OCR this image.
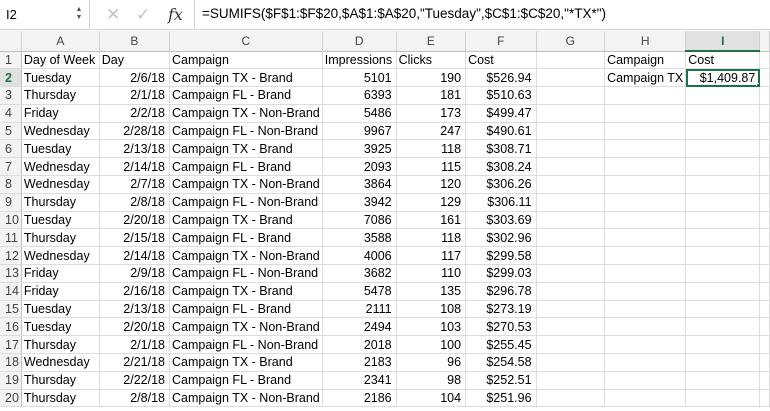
I2	▲
▼ ✕ ✓ fx =SUMIFS($F$1:$F$20,$A$1:$A$20,"Tuesday",$C$1:$C$20,"*TX*")
	A	B	C	D	E	F	G	H	I	
1	Day of Week	Day	Campaign	Impressions	Clicks	Cost		Campaign	Cost	
2	Tuesday	2/6/18	Campaign TX - Brand	5101	190	$526.94		Campaign TX	$1,409.87

3	Thursday	2/1/18	Campaign FL - Brand	6393	181	$510.63				
4	Friday	2/2/18	Campaign TX - Non-Brand	5486	173	$499.47				
5	Wednesday	2/28/18	Campaign FL - Non-Brand	9967	247	$490.61				
6	Tuesday	2/13/18	Campaign TX - Brand	3925	118	$308.71				
7	Wednesday	2/14/18	Campaign FL - Brand	2093	115	$308.24				
8	Wednesday	2/7/18	Campaign TX - Non-Brand	3864	120	$306.26				
9	Thursday	2/8/18	Campaign FL - Non-Brand	3942	129	$306.11				
10	Tuesday	2/20/18	Campaign TX - Brand	7086	161	$303.69				
11	Thursday	2/15/18	Campaign FL - Brand	3588	118	$302.96				
12	Wednesday	2/14/18	Campaign TX - Non-Brand	4006	117	$299.58				
13	Friday	2/9/18	Campaign FL - Non-Brand	3682	110	$299.03				
14	Friday	2/16/18	Campaign TX - Brand	5478	135	$296.78				
15	Tuesday	2/13/18	Campaign FL - Brand	2111	108	$273.19				
16	Tuesday	2/20/18	Campaign TX - Non-Brand	2494	103	$270.53				
17	Thursday	2/1/18	Campaign FL - Non-Brand	2018	100	$255.45				
18	Wednesday	2/21/18	Campaign TX - Brand	2183	96	$254.58				
19	Thursday	2/22/18	Campaign FL - Brand	2341	98	$252.51				
20	Thursday	2/8/18	Campaign TX - Non-Brand	2186	104	$251.96				
